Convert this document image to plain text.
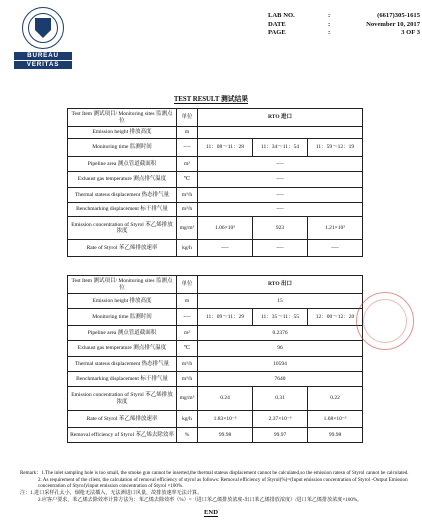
BUREAU
VERITAS
LAB NO.	:	(6617)305-1615
DATE	:	November 10, 2017
PAGE	:	3 OF 3
TEST RESULT 测试结果
Test Item 测试项目/ Monitoring sites 监测点位	单位	RTO 进口		
Emission height 排放高度	m			
Monitoring time 监测时间	----	11：08～11：28	11：34～11：54	11：59～12：19
Pipeline area 测点管道截面积	m²	----		
Exhaust gas temperature 测点排气温度	℃	----		
Thermal stateus displacement 热态排气量	m³/h	----		
Benchmarking displacement 标干排气量	m³/h	----		
Emission concentration of Styrol 苯乙烯排放浓度	mg/m³	1.06×10³	923	1.21×10³
Rate of Styrol 苯乙烯排放速率	kg/h	----	----	----
Test Item 测试项目/ Monitoring sites 监测点位	单位	RTO 出口		
Emission height 排放高度	m	15		
Monitoring time 监测时间	----	11：09～11：29	11：35～11：55	12：00～12：20
Pipeline area 测点管道截面积	m²	0.2376		
Exhaust gas temperature 测点排气温度	℃	96		
Thermal stateus displacement 热态排气量	m³/h	10594		
Benchmarking displacement 标干排气量	m³/h	7640		
Emission concentration of Styrol 苯乙烯排放浓度	mg/m³	0.24	0.31	0.22
Rate of Styrol 苯乙烯排放速率	kg/h	1.83×10⁻³	2.37×10⁻³	1.68×10⁻³
Removal efficiency of Styrol 苯乙烯去除效率	%	99.98	99.97	99.98

Remark：1.The inlet sampling hole is too small, the smoke gun cannot be inserted,the thermal stateus displacement cannot be calculated,so the emission ratesn of Styrol cannot be calculated.

2. As requirement of the client, the calculation of removal efficiency of styrol as follows: Removal efficiency of Styrol(%)=(Input emission concentration of Styrol -Output Emission concentration of Styrol)/input emission concentration of Styrol ×100%.

注：1.进口采样孔太小，烟枪无法插入，无法测进口风量，故排放速率无法计算。

2.应客户要求，苯乙烯去除效率计算方法为：苯乙烯去除效率（%）=（进口苯乙烯排放浓度-出口苯乙烯排放浓度）/进口苯乙烯排放浓度×100%。

END
